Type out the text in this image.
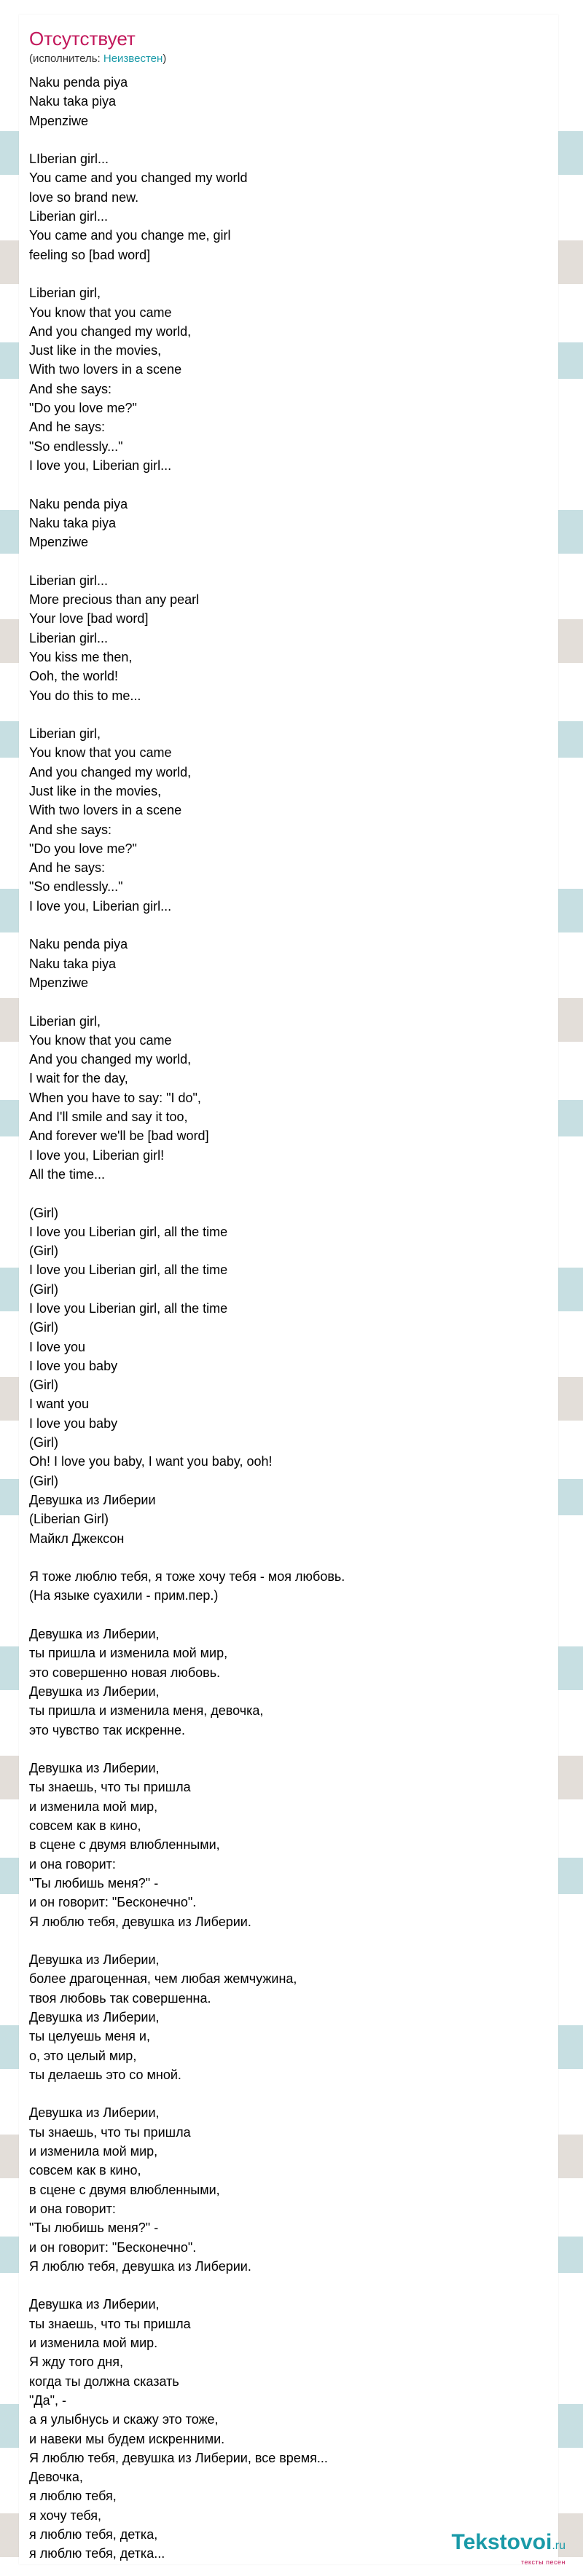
Отсутствует
(исполнитель: Неизвестен)
Naku penda piya
Naku taka piya
Mpenziwe
LIberian girl...
You came and you changed my world
love so brand new.
Liberian girl...
You came and you change me, girl
feeling so [bad word]
Liberian girl,
You know that you came
And you changed my world,
Just like in the movies,
With two lovers in a scene
And she says:
"Do you love me?"
And he says:
"So endlessly..."
I love you, Liberian girl...
Naku penda piya
Naku taka piya
Mpenziwe
Liberian girl...
More precious than any pearl
Your love [bad word]
Liberian girl...
You kiss me then,
Ooh, the world!
You do this to me...
Liberian girl,
You know that you came
And you changed my world,
Just like in the movies,
With two lovers in a scene
And she says:
"Do you love me?"
And he says:
"So endlessly..."
I love you, Liberian girl...
Naku penda piya
Naku taka piya
Mpenziwe
Liberian girl,
You know that you came
And you changed my world,
I wait for the day,
When you have to say: "I do",
And I'll smile and say it too,
And forever we'll be [bad word]
I love you, Liberian girl!
All the time...
(Girl)
I love you Liberian girl, all the time
(Girl)
I love you Liberian girl, all the time
(Girl)
I love you Liberian girl, all the time
(Girl)
I love you
I love you baby
(Girl)
I want you
I love you baby
(Girl)
Oh! I love you baby, I want you baby, ooh!
(Girl)
Девушка из Либерии
(Liberian Girl)
Майкл Джексон
Я тоже люблю тебя, я тоже хочу тебя - моя любовь.
(На языке суахили - прим.пер.)
Девушка из Либерии,
ты пришла и изменила мой мир,
это совершенно новая любовь.
Девушка из Либерии,
ты пришла и изменила меня, девочка,
это чувство так искренне.
Девушка из Либерии,
ты знаешь, что ты пришла
и изменила мой мир,
совсем как в кино,
в сцене с двумя влюбленными,
и она говорит:
"Ты любишь меня?" -
и он говорит: "Бесконечно".
Я люблю тебя, девушка из Либерии.
Девушка из Либерии,
более драгоценная, чем любая жемчужина,
твоя любовь так совершенна.
Девушка из Либерии,
ты целуешь меня и,
о, это целый мир,
ты делаешь это со мной.
Девушка из Либерии,
ты знаешь, что ты пришла
и изменила мой мир,
совсем как в кино,
в сцене с двумя влюбленными,
и она говорит:
"Ты любишь меня?" -
и он говорит: "Бесконечно".
Я люблю тебя, девушка из Либерии.
Девушка из Либерии,
ты знаешь, что ты пришла
и изменила мой мир.
Я жду того дня,
когда ты должна сказать
"Да", -
а я улыбнусь и скажу это тоже,
и навеки мы будем искренними.
Я люблю тебя, девушка из Либерии, все время...
Девочка,
я люблю тебя,
я хочу тебя,
я люблю тебя, детка,
я люблю тебя, детка...	Tekstovoi.ru
тексты песен
